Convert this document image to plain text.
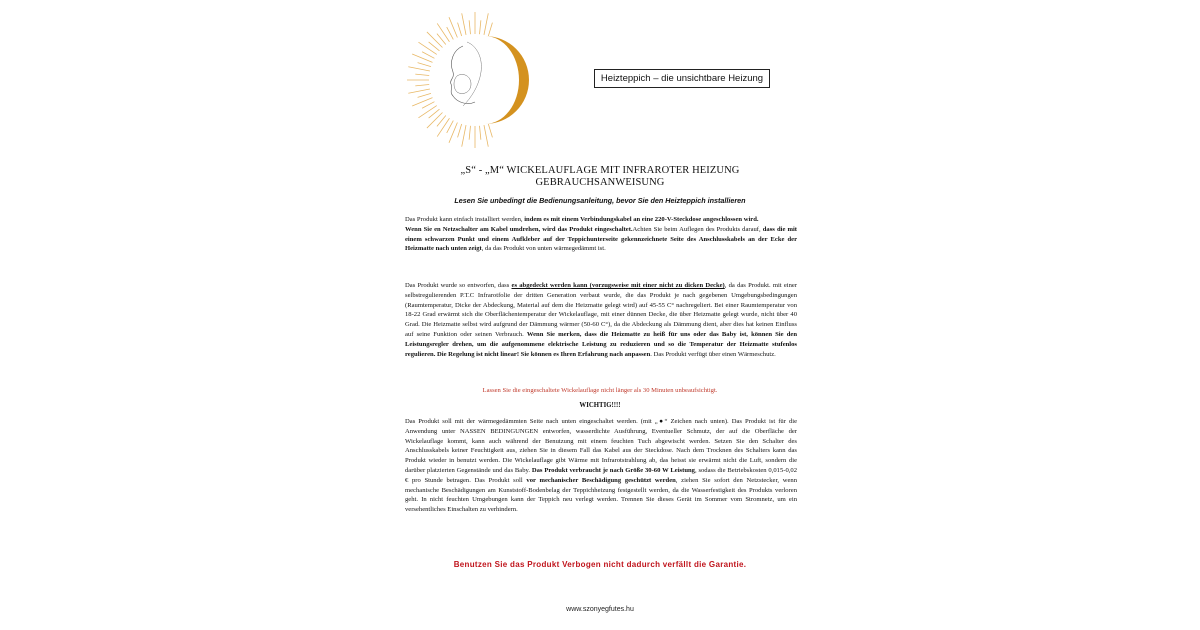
Heizteppich – die unsichtbare Heizung
„S“ - „M“ WICKELAUFLAGE MIT INFRAROTER HEIZUNG
GEBRAUCHSANWEISUNG
Lesen Sie unbedingt die Bedienungsanleitung, bevor Sie den Heizteppich installieren
Das Produkt kann einfach installiert werden, indem es mit einem Verbindungskabel an eine 220-V-Steckdose angeschlossen wird.
Wenn Sie en Netzschalter am Kabel umdrehen, wird das Produkt eingeschaltet.Achten Sie beim Auflegen des Produkts darauf, dass die mit einem schwarzen Punkt und einem Aufkleber auf der Teppichunterseite gekennzeichnete Seite des Anschlusskabels an der Ecke der Heizmatte nach unten zeigt, da das Produkt von unten wärmegedämmt ist.
Das Produkt wurde so entworfen, dass es abgedeckt werden kann (vorzugsweise mit einer nicht zu dicken Decke), da das Produkt. mit einer selbstregulierenden P.T.C Infrarotfolie der dritten Generation verbaut wurde, die das Produkt je nach gegebenen Umgebungsbedingungen (Raumtemperatur, Dicke der Abdeckung, Material auf dem die Heizmatte gelegt wird) auf 45-55 C° nachregeliert. Bei einer Raumtemperatur von 18-22 Grad erwärmt sich die Oberflächentemperatur der Wickelauflage, mit einer dünnen Decke, die über Heizmatte gelegt wurde, nicht über 40 Grad. Die Heizmatte selbst wird aufgrund der Dämmung wärmer (50-60 C°), da die Abdeckung als Dämmung dient, aber dies hat keinen Einfluss auf seine Funktion oder seinen Verbrauch. Wenn Sie merken, dass die Heizmatte zu heiß für uns oder das Baby ist, können Sie den Leistungsregler drehen, um die aufgenommene elektrische Leistung zu reduzieren und so die Temperatur der Heizmatte stufenlos regulieren. Die Regelung ist nicht linear! Sie können es Ihren Erfahrung nach anpassen. Das Produkt verfügt über einen Wärmeschutz.
Lassen Sie die eingeschaltete Wickelauflage nicht länger als 30 Minuten unbeaufsichtigt.
WICHTIG!!!!
Das Produkt soll mit der wärmegedämmten Seite nach unten eingeschaltet werden. (mit „●“ Zeichen nach unten). Das Produkt ist für die Anwendung unter NASSEN BEDINGUNGEN entworfen, wasserdichte Ausführung, Eventueller Schmutz, der auf die Oberfläche der Wickelauflage kommt, kann auch während der Benutzung mit einem feuchten Tuch abgewischt werden. Setzen Sie den Schalter des Anschlusskabels keiner Feuchtigkeit aus, ziehen Sie in diesem Fall das Kabel aus der Steckdose. Nach dem Trocknen des Schalters kann das Produkt wieder in benutzt werden. Die Wickelauflage gibt Wärme mit Infrarotstrahlung ab, das heisst sie erwärmt nicht die Luft, sondern die darüber platzierten Gegenstände und das Baby. Das Produkt verbraucht je nach Größe 30-60 W Leistung, sodass die Betriebskosten 0,015-0,02 € pro Stunde betragen. Das Produkt soll vor mechanischer Beschädigung geschützt werden, ziehen Sie sofort den Netzstecker, wenn mechanische Beschädigungen am Kunststoff-Bodenbelag der Teppichheizung festgestellt werden, da die Wasserfestigkeit des Produkts verloren geht. In nicht feuchten Umgebungen kann der Teppich neu verlegt werden. Trennen Sie dieses Gerät im Sommer vom Stromnetz, um ein versehentliches Einschalten zu verhindern.
Benutzen Sie das Produkt Verbogen nicht dadurch verfällt die Garantie.
www.szonyegfutes.hu
